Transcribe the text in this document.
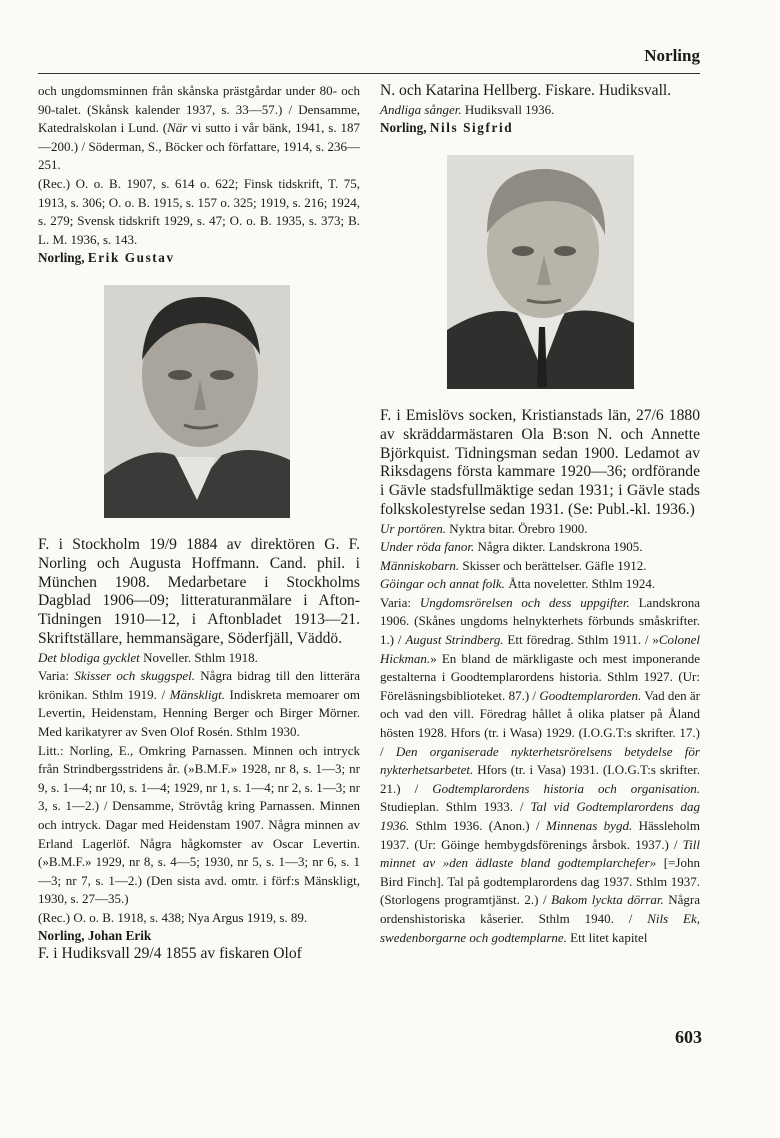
Norling

och ungdomsminnen från skånska prästgårdar under 80- och 90-talet. (Skånsk kalender 1937, s. 33—57.) / Densamme, Katedralskolan i Lund. (När vi sutto i vår bänk, 1941, s. 187—200.) / Söderman, S., Böcker och författare, 1914, s. 236—251.

(Rec.) O. o. B. 1907, s. 614 o. 622; Finsk tidskrift, T. 75, 1913, s. 306; O. o. B. 1915, s. 157 o. 325; 1919, s. 216; 1924, s. 279; Svensk tidskrift 1929, s. 47; O. o. B. 1935, s. 373; B. L. M. 1936, s. 143.

Norling, Erik Gustav

F. i Stockholm 19/9 1884 av direktören G. F. Norling och Augusta Hoffmann. Cand. phil. i München 1908. Medarbetare i Stockholms Dagblad 1906—09; litteraturanmälare i Afton-Tidningen 1910—12, i Aftonbladet 1913—21. Skriftställare, hemmansägare, Söderfjäll, Väddö.

Det blodiga gycklet Noveller. Sthlm 1918.

Varia: Skisser och skuggspel. Några bidrag till den litterära krönikan. Sthlm 1919. / Mänskligt. Indiskreta memoarer om Levertin, Heidenstam, Henning Berger och Birger Mörner. Med karikatyrer av Sven Olof Rosén. Sthlm 1930.

Litt.: Norling, E., Omkring Parnassen. Minnen och intryck från Strindbergsstridens år. (»B.M.F.» 1928, nr 8, s. 1—3; nr 9, s. 1—4; nr 10, s. 1—4; 1929, nr 1, s. 1—4; nr 2, s. 1—3; nr 3, s. 1—2.) / Densamme, Strövtåg kring Parnassen. Minnen och intryck. Dagar med Heidenstam 1907. Några minnen av Erland Lagerlöf. Några hågkomster av Oscar Levertin. (»B.M.F.» 1929, nr 8, s. 4—5; 1930, nr 5, s. 1—3; nr 6, s. 1—3; nr 7, s. 1—2.) (Den sista avd. omtr. i förf:s Mänskligt, 1930, s. 27—35.)

(Rec.) O. o. B. 1918, s. 438; Nya Argus 1919, s. 89.

Norling, Johan Erik

F. i Hudiksvall 29/4 1855 av fiskaren Olof

N. och Katarina Hellberg. Fiskare. Hudiksvall.

Andliga sånger. Hudiksvall 1936.

Norling, Nils Sigfrid

F. i Emislövs socken, Kristianstads län, 27/6 1880 av skräddarmästaren Ola B:son N. och Annette Björkquist. Tidningsman sedan 1900. Ledamot av Riksdagens första kammare 1920—36; ordförande i Gävle stadsfullmäktige sedan 1931; i Gävle stads folkskolestyrelse sedan 1931. (Se: Publ.-kl. 1936.)

Ur portören. Nyktra bitar. Örebro 1900.

Under röda fanor. Några dikter. Landskrona 1905.

Människobarn. Skisser och berättelser. Gäfle 1912.

Göingar och annat folk. Åtta noveletter. Sthlm 1924.

Varia: Ungdomsrörelsen och dess uppgifter. Landskrona 1906. (Skånes ungdoms helnykterhets förbunds småskrifter. 1.) / August Strindberg. Ett föredrag. Sthlm 1911. / »Colonel Hickman.» En bland de märkligaste och mest imponerande gestalterna i Goodtemplarordens historia. Sthlm 1927. (Ur: Föreläsningsbiblioteket. 87.) / Goodtemplarorden. Vad den är och vad den vill. Föredrag hållet å olika platser på Åland hösten 1928. Hfors (tr. i Wasa) 1929. (I.O.G.T:s skrifter. 17.) / Den organiserade nykterhetsrörelsens betydelse för nykterhetsarbetet. Hfors (tr. i Vasa) 1931. (I.O.G.T:s skrifter. 21.) / Godtemplarordens historia och organisation. Studieplan. Sthlm 1933. / Tal vid Godtemplarordens dag 1936. Sthlm 1936. (Anon.) / Minnenas bygd. Hässleholm 1937. (Ur: Göinge hembygdsförenings årsbok. 1937.) / Till minnet av »den ädlaste bland godtemplarchefer» [=John Bird Finch]. Tal på godtemplarordens dag 1937. Sthlm 1937. (Storlogens programtjänst. 2.) / Bakom lyckta dörrar. Några ordenshistoriska kåserier. Sthlm 1940. / Nils Ek, swedenborgarne och godtemplarne. Ett litet kapitel

603
